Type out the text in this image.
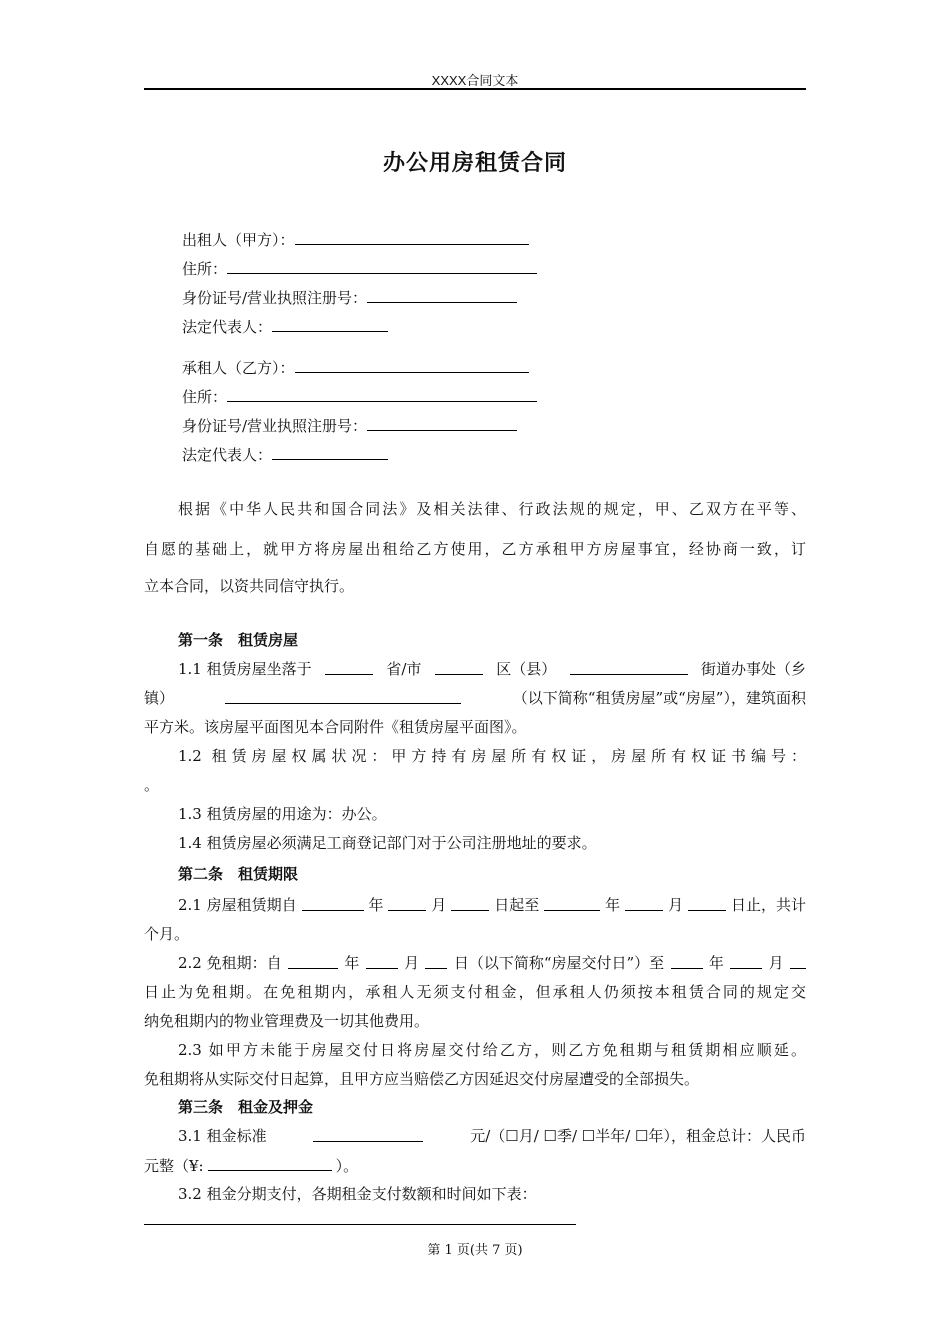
XXXX合同文本
办公用房租赁合同
出租人（甲方）：
住所：
身份证号/营业执照注册号：
法定代表人：
承租人（乙方）：
住所：
身份证号/营业执照注册号：
法定代表人：
根据《中华人民共和国合同法》及相关法律、行政法规的规定，甲、乙双方在平等、
自愿的基础上，就甲方将房屋出租给乙方使用，乙方承租甲方房屋事宜，经协商一致，订
立本合同，以资共同信守执行。
第一条　租赁房屋
1.1 租赁房屋坐落于	省/市	区（县）	街道办事处（乡
镇）	（以下简称“租赁房屋”或“房屋”），建筑面积
平方米。该房屋平面图见本合同附件《租赁房屋平面图》。
1.2 租赁房屋权属状况：甲方持有房屋所有权证，房屋所有权证书编号：
。
1.3 租赁房屋的用途为：办公。
1.4 租赁房屋必须满足工商登记部门对于公司注册地址的要求。
第二条　租赁期限
2.1 房屋租赁期自	年	月	日起至	年	月	日止，共计
个月。
2.2 免租期：自	年	月 日（以下简称“房屋交付日”）至	年	月
日止为免租期。在免租期内，承租人无须支付租金，但承租人仍须按本租赁合同的规定交
纳免租期内的物业管理费及一切其他费用。
2.3 如甲方未能于房屋交付日将房屋交付给乙方，则乙方免租期与租赁期相应顺延。
免租期将从实际交付日起算，且甲方应当赔偿乙方因延迟交付房屋遭受的全部损失。
第三条　租金及押金
3.1 租金标准	元/（☐月/ ☐季/ ☐半年/ ☐年），租金总计：人民币
元整（¥:	）。
3.2 租金分期支付，各期租金支付数额和时间如下表：
第 1 页(共 7 页)
